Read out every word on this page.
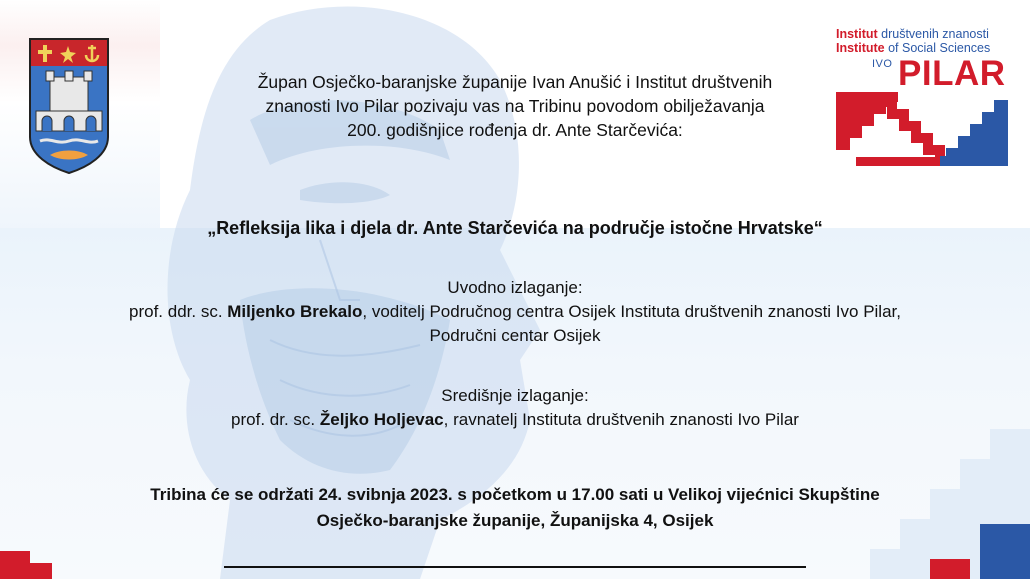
Institut društvenih znanosti
Institute of Social Sciences
IVO PILAR
Župan Osječko-baranjske županije Ivan Anušić i Institut društvenih
znanosti Ivo Pilar pozivaju vas na Tribinu povodom obilježavanja
200. godišnjice rođenja dr. Ante Starčevića:
„Refleksija lika i djela dr. Ante Starčevića na područje istočne Hrvatske“
Uvodno izlaganje:
prof. ddr. sc. Miljenko Brekalo, voditelj Područnog centra Osijek Instituta društvenih znanosti Ivo Pilar,
Područni centar Osijek
Središnje izlaganje:
prof. dr. sc. Željko Holjevac, ravnatelj Instituta društvenih znanosti Ivo Pilar
Tribina će se održati 24. svibnja 2023. s početkom u 17.00 sati u Velikoj vijećnici Skupštine
Osječko-baranjske županije, Županijska 4, Osijek
